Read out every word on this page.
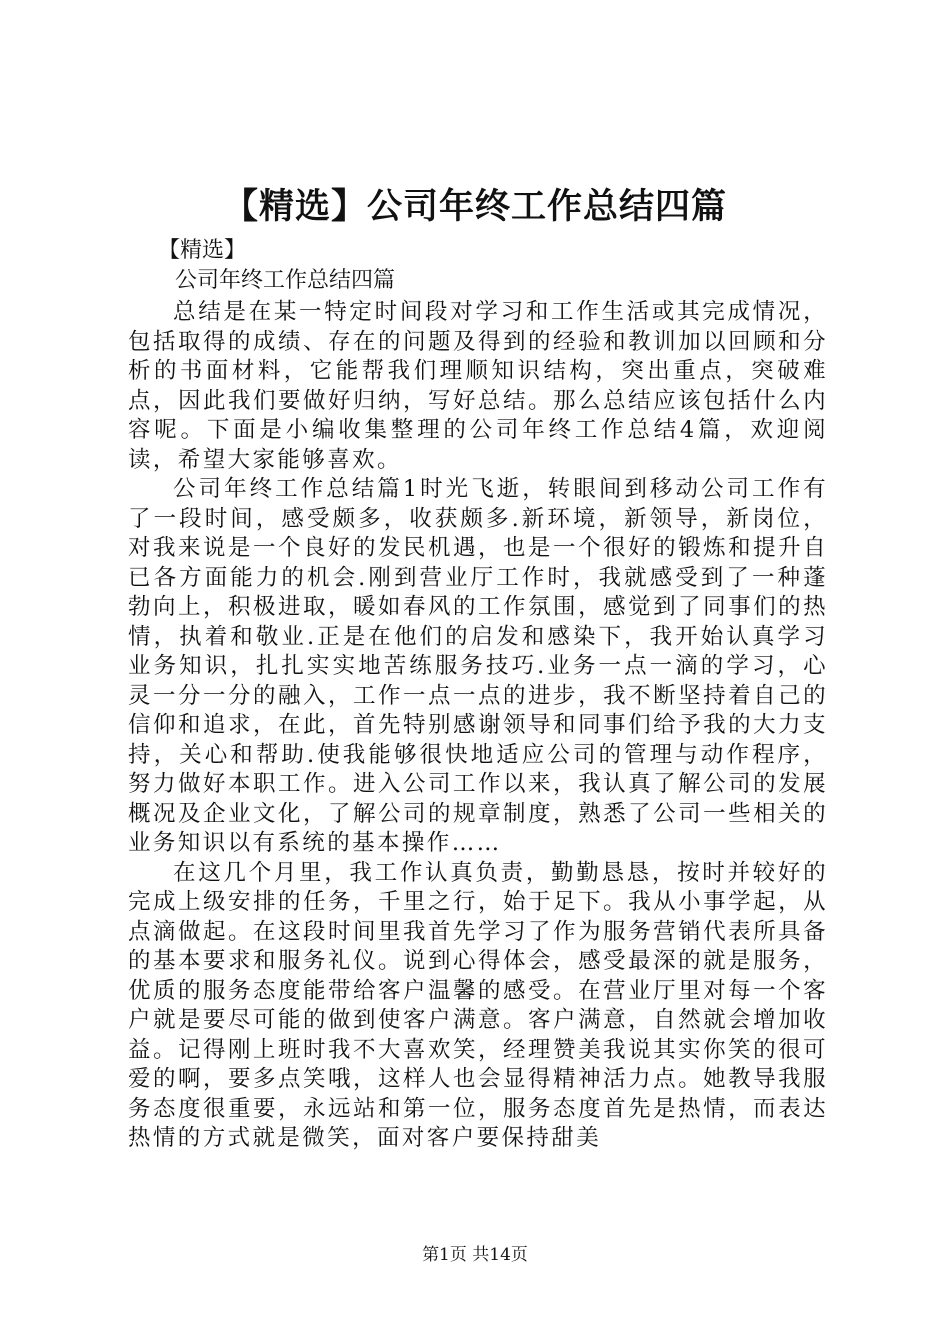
【精选】公司年终工作总结四篇
【精选】
公司年终工作总结四篇

总结是在某一特定时间段对学习和工作生活或其完成情况，包括取得的成绩、存在的问题及得到的经验和教训加以回顾和分析的书面材料，它能帮我们理顺知识结构，突出重点，突破难点，因此我们要做好归纳，写好总结。那么总结应该包括什么内容呢。下面是小编收集整理的公司年终工作总结4篇，欢迎阅读，希望大家能够喜欢。

公司年终工作总结篇1时光飞逝，转眼间到移动公司工作有了一段时间，感受颇多，收获颇多.新环境，新领导，新岗位，对我来说是一个良好的发民机遇，也是一个很好的锻炼和提升自已各方面能力的机会.刚到营业厅工作时，我就感受到了一种蓬勃向上，积极进取，暖如春风的工作氛围，感觉到了同事们的热情，执着和敬业.正是在他们的启发和感染下，我开始认真学习业务知识，扎扎实实地苦练服务技巧.业务一点一滴的学习，心灵一分一分的融入，工作一点一点的进步，我不断坚持着自己的信仰和追求，在此，首先特别感谢领导和同事们给予我的大力支持，关心和帮助.使我能够很快地适应公司的管理与动作程序，努力做好本职工作。进入公司工作以来，我认真了解公司的发展概况及企业文化，了解公司的规章制度，熟悉了公司一些相关的业务知识以有系统的基本操作……

在这几个月里，我工作认真负责，勤勤恳恳，按时并较好的完成上级安排的任务，千里之行，始于足下。我从小事学起，从点滴做起。在这段时间里我首先学习了作为服务营销代表所具备的基本要求和服务礼仪。说到心得体会，感受最深的就是服务，优质的服务态度能带给客户温馨的感受。在营业厅里对每一个客户就是要尽可能的做到使客户满意。客户满意，自然就会增加收益。记得刚上班时我不大喜欢笑，经理赞美我说其实你笑的很可爱的啊，要多点笑哦，这样人也会显得精神活力点。她教导我服务态度很重要，永远站和第一位，服务态度首先是热情，而表达热情的方式就是微笑，面对客户要保持甜美

第1页 共14页
